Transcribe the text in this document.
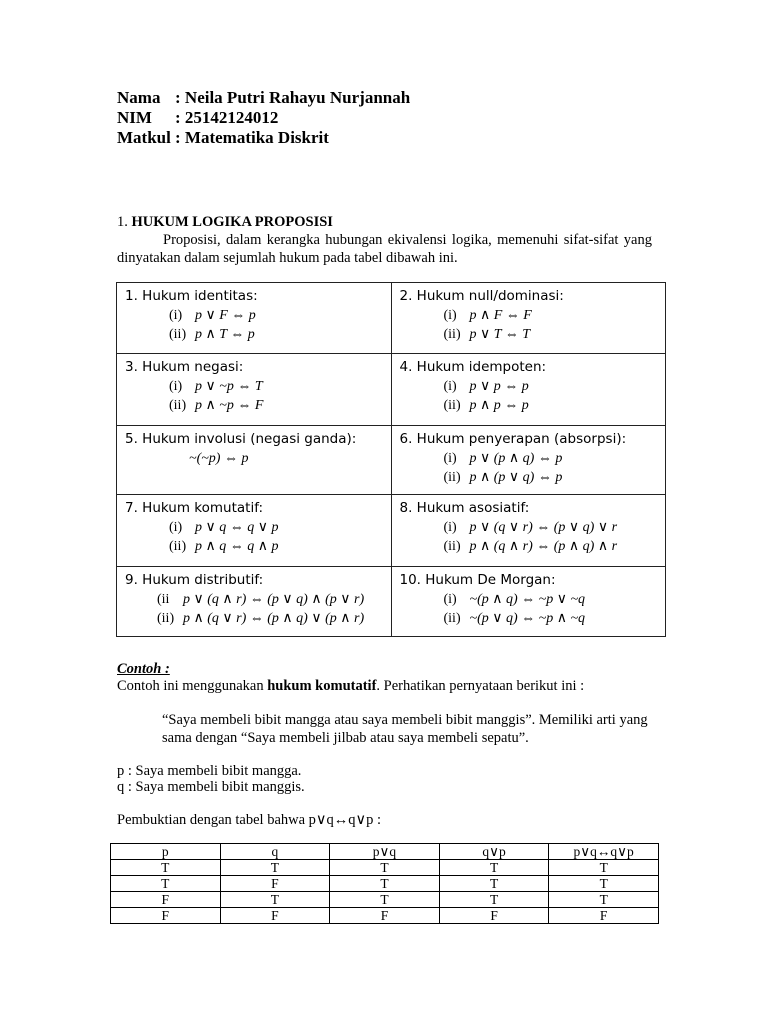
Nama : Neila Putri Rahayu Nurjannah
NIM : 25142124012
Matkul : Matematika Diskrit

1. HUKUM LOGIKA PROPOSISI

Proposisi, dalam kerangka hubungan ekivalensi logika, memenuhi sifat-sifat yang dinyatakan dalam sejumlah hukum pada tabel dibawah ini.

1. Hukum identitas:
(i) p ∨ F ⇔ p
(ii) p ∧ T ⇔ p	2. Hukum null/dominasi:
(i) p ∧ F ⇔ F
(ii) p ∨ T ⇔ T

3. Hukum negasi:
(i) p ∨ ~p ⇔ T
(ii) p ∧ ~p ⇔ F	4. Hukum idempoten:
(i) p ∨ p ⇔ p
(ii) p ∧ p ⇔ p

5. Hukum involusi (negasi ganda):
~(~p) ⇔ p	6. Hukum penyerapan (absorpsi):
(i) p ∨ (p ∧ q) ⇔ p
(ii) p ∧ (p ∨ q) ⇔ p

7. Hukum komutatif:
(i) p ∨ q ⇔ q ∨ p
(ii) p ∧ q ⇔ q ∧ p	8. Hukum asosiatif:
(i) p ∨ (q ∨ r) ⇔ (p ∨ q) ∨ r
(ii) p ∧ (q ∧ r) ⇔ (p ∧ q) ∧ r

9. Hukum distributif:
(ii p ∨ (q ∧ r) ⇔ (p ∨ q) ∧ (p ∨ r)
(ii) p ∧ (q ∨ r) ⇔ (p ∧ q) ∨ (p ∧ r)	10. Hukum De Morgan:
(i) ~(p ∧ q) ⇔ ~p ∨ ~q
(ii) ~(p ∨ q) ⇔ ~p ∧ ~q

Contoh :

Contoh ini menggunakan hukum komutatif. Perhatikan pernyataan berikut ini :

“Saya membeli bibit mangga atau saya membeli bibit manggis”. Memiliki arti yang sama dengan “Saya membeli jilbab atau saya membeli sepatu”.

p : Saya membeli bibit mangga.

q : Saya membeli bibit manggis.

Pembuktian dengan tabel bahwa p∨q↔q∨p :

p	q	p∨q	q∨p	p∨q↔q∨p
T	T	T	T	T
T	F	T	T	T
F	T	T	T	T
F	F	F	F	F
